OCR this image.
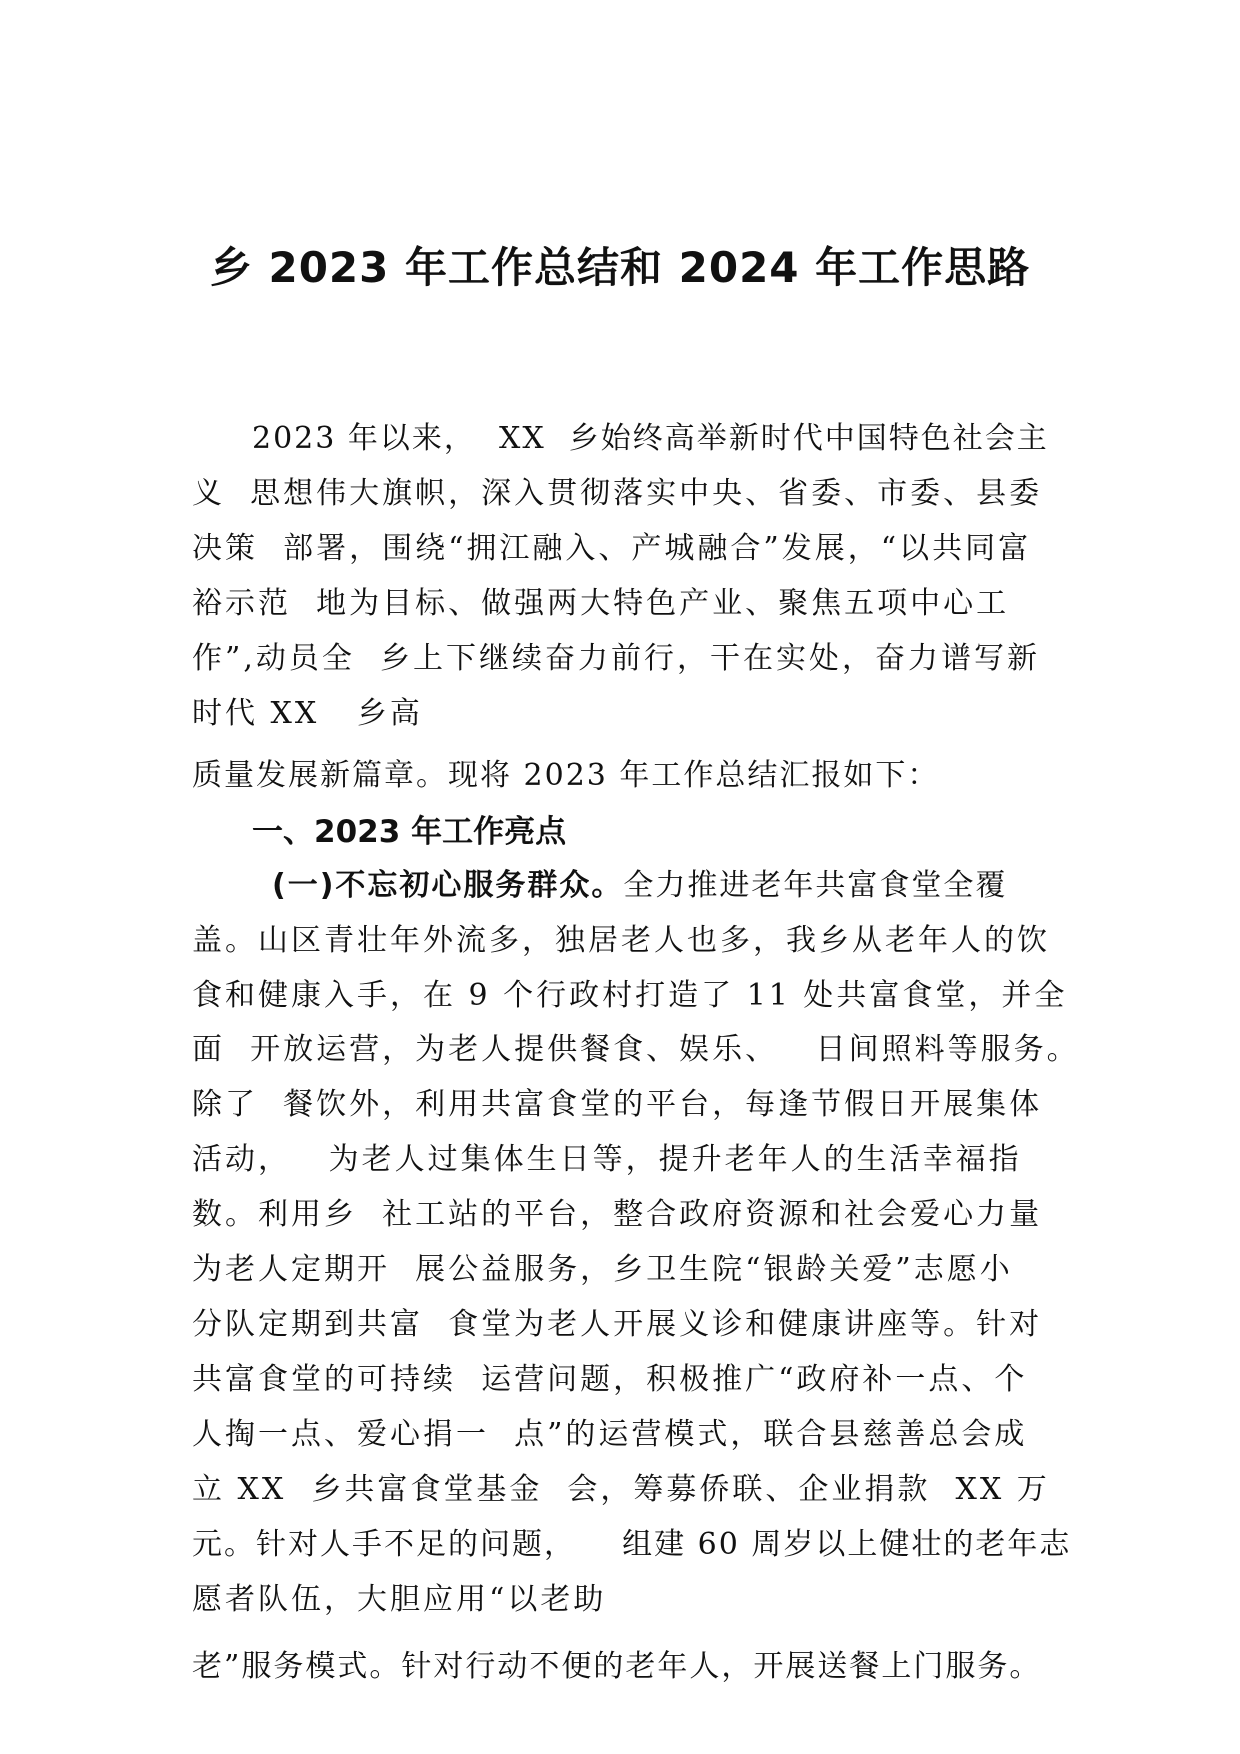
乡 2023 年工作总结和 2024 年工作思路
2023 年以来，  XX  乡始终高举新时代中国特色社会主
义  思想伟大旗帜，深入贯彻落实中央、省委、市委、县委
决策  部署，围绕“拥江融入、产城融合”发展，“以共同富
裕示范  地为目标、做强两大特色产业、聚焦五项中心工
作”,动员全  乡上下继续奋力前行，干在实处，奋力谱写新
时代 XX   乡高
质量发展新篇章。现将 2023 年工作总结汇报如下：
一、2023 年工作亮点
(一)不忘初心服务群众。全力推进老年共富食堂全覆
盖。山区青壮年外流多，独居老人也多，我乡从老年人的饮
食和健康入手，在 9 个行政村打造了 11 处共富食堂，并全
面  开放运营，为老人提供餐食、娱乐、   日间照料等服务。
除了  餐饮外，利用共富食堂的平台，每逢节假日开展集体
活动，   为老人过集体生日等，提升老年人的生活幸福指
数。利用乡  社工站的平台，整合政府资源和社会爱心力量
为老人定期开  展公益服务，乡卫生院“银龄关爱”志愿小
分队定期到共富  食堂为老人开展义诊和健康讲座等。针对
共富食堂的可持续  运营问题，积极推广“政府补一点、个
人掏一点、爱心捐一  点”的运营模式，联合县慈善总会成
立 XX  乡共富食堂基金  会，筹募侨联、企业捐款  XX 万
元。针对人手不足的问题，    组建 60 周岁以上健壮的老年志
愿者队伍，大胆应用“以老助
老”服务模式。针对行动不便的老年人，开展送餐上门服务。
